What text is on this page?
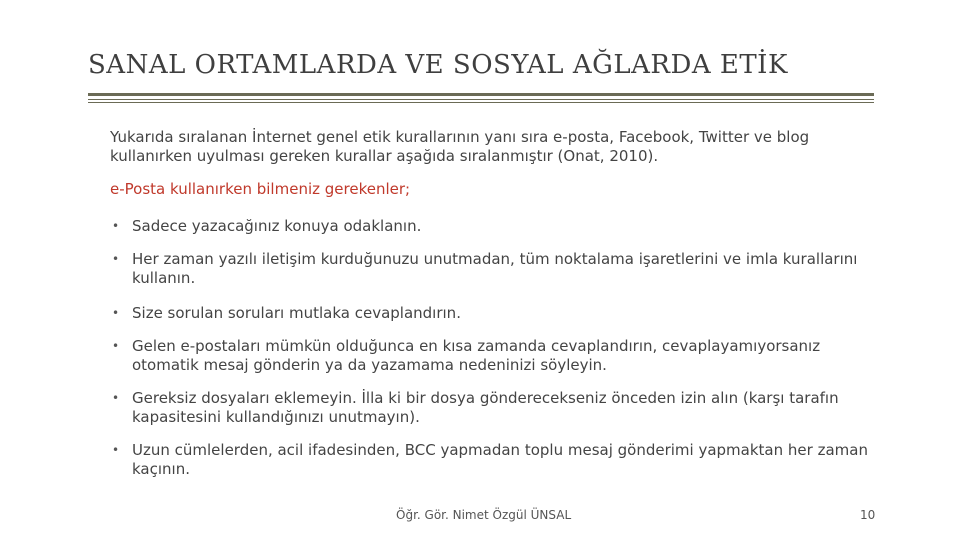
SANAL ORTAMLARDA VE SOSYAL AĞLARDA ETİK
Yukarıda sıralanan İnternet genel etik kurallarının yanı sıra e-posta, Facebook, Twitter ve blog kullanırken uyulması gereken kurallar aşağıda sıralanmıştır (Onat, 2010).
e-Posta kullanırken bilmeniz gerekenler;
• Sadece yazacağınız konuya odaklanın.
• Her zaman yazılı iletişim kurduğunuzu unutmadan, tüm noktalama işaretlerini ve imla kurallarını kullanın.
• Size sorulan soruları mutlaka cevaplandırın.
• Gelen e-postaları mümkün olduğunca en kısa zamanda cevaplandırın, cevaplayamıyorsanız otomatik mesaj gönderin ya da yazamama nedeninizi söyleyin.
• Gereksiz dosyaları eklemeyin. İlla ki bir dosya gönderecekseniz önceden izin alın (karşı tarafın kapasitesini kullandığınızı unutmayın).
• Uzun cümlelerden, acil ifadesinden, BCC yapmadan toplu mesaj gönderimi yapmaktan her zaman kaçının.
Öğr. Gör. Nimet Özgül ÜNSAL	10
